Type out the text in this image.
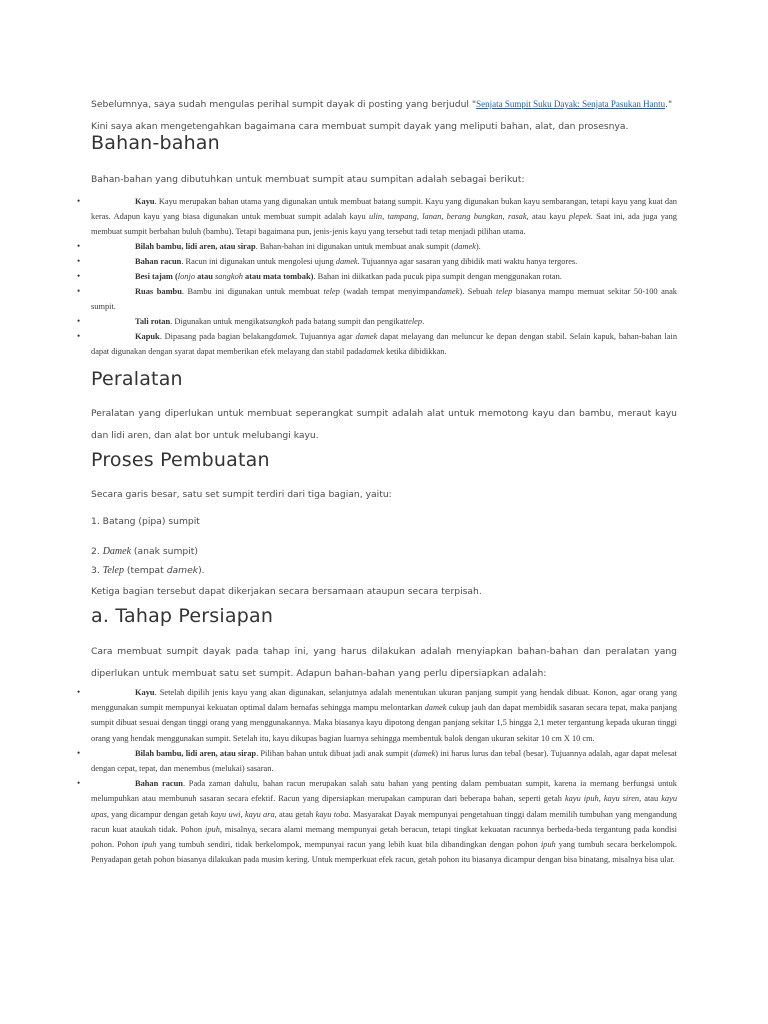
Sebelumnya, saya sudah mengulas perihal sumpit dayak di posting yang berjudul "Senjata Sumpit Suku Dayak: Senjata Pasukan Hantu." Kini saya akan mengetengahkan bagaimana cara membuat sumpit dayak yang meliputi bahan, alat, dan prosesnya.

Bahan-bahan

Bahan-bahan yang dibutuhkan untuk membuat sumpit atau sumpitan adalah sebagai berikut:

• Kayu. Kayu merupakan bahan utama yang digunakan untuk membuat batang sumpit. Kayu yang digunakan bukan kayu sembarangan, tetapi kayu yang kuat dan keras. Adapun kayu yang biasa digunakan untuk membuat sumpit adalah kayu ulin, tampang, lanan, berang bungkan, rasak, atau kayu plepek. Saat ini, ada juga yang membuat sumpit berbahan buluh (bambu). Tetapi bagaimana pun, jenis-jenis kayu yang tersebut tadi tetap menjadi pilihan utama.
• Bilah bambu, lidi aren, atau sirap. Bahan-bahan ini digunakan untuk membuat anak sumpit (damek).
• Bahan racun. Racun ini digunakan untuk mengolesi ujung damek. Tujuannya agar sasaran yang dibidik mati waktu hanya tergores.
• Besi tajam (lonjo atau sangkoh atau mata tombak). Bahan ini diikatkan pada pucuk pipa sumpit dengan menggunakan rotan.
• Ruas bambu. Bambu ini digunakan untuk membuat telep (wadah tempat menyimpandamek). Sebuah telep biasanya mampu memuat sekitar 50-100 anak sumpit.
• Tali rotan. Digunakan untuk mengikatsangkoh pada batang sumpit dan pengikattelep.
• Kapuk. Dipasang pada bagian belakangdamek. Tujuannya agar damek dapat melayang dan meluncur ke depan dengan stabil. Selain kapuk, bahan-bahan lain dapat digunakan dengan syarat dapat memberikan efek melayang dan stabil padadamek ketika dibidikkan.
Peralatan

Peralatan yang diperlukan untuk membuat seperangkat sumpit adalah alat untuk memotong kayu dan bambu, meraut kayu dan lidi aren, dan alat bor untuk melubangi kayu.

Proses Pembuatan

Secara garis besar, satu set sumpit terdiri dari tiga bagian, yaitu:

1. Batang (pipa) sumpit

2. Damek (anak sumpit)

3. Telep (tempat damek).

Ketiga bagian tersebut dapat dikerjakan secara bersamaan ataupun secara terpisah.

a. Tahap Persiapan

Cara membuat sumpit dayak pada tahap ini, yang harus dilakukan adalah menyiapkan bahan-bahan dan peralatan yang diperlukan untuk membuat satu set sumpit. Adapun bahan-bahan yang perlu dipersiapkan adalah:

• Kayu. Setelah dipilih jenis kayu yang akan digunakan, selanjutnya adalah menentukan ukuran panjang sumpit yang hendak dibuat. Konon, agar orang yang menggunakan sumpit mempunyai kekuatan optimal dalam bernafas sehingga mampu melontarkan damek cukup jauh dan dapat membidik sasaran secara tepat, maka panjang sumpit dibuat sesuai dengan tinggi orang yang menggunakannya. Maka biasanya kayu dipotong dengan panjang sekitar 1,5 hingga 2,1 meter tergantung kepada ukuran tinggi orang yang hendak menggunakan sumpit. Setelah itu, kayu dikupas bagian luarnya sehingga membentuk balok dengan ukuran sekitar 10 cm X 10 cm.
• Bilah bambu, lidi aren, atau sirap. Pilihan bahan untuk dibuat jadi anak sumpit (damek) ini harus lurus dan tebal (besar). Tujuannya adalah, agar dapat melesat dengan cepat, tepat, dan menembus (melukai) sasaran.
• Bahan racun. Pada zaman dahulu, bahan racun merupakan salah satu bahan yang penting dalam pembuatan sumpit, karena ia memang berfungsi untuk melumpuhkan atau membunuh sasaran secara efektif. Racun yang dipersiapkan merupakan campuran dari beberapa bahan, seperti getah kayu ipuh, kayu siren, atau kayu upas, yang dicampur dengan getah kayu uwi, kayu ara, atau getah kayu toba. Masyarakat Dayak mempunyai pengetahuan tinggi dalam memilih tumbuhan yang mengandung racun kuat ataukah tidak. Pohon ipuh, misalnya, secara alami memang mempunyai getah beracun, tetapi tingkat kekuatan racunnya berbeda-beda tergantung pada kondisi pohon. Pohon ipuh yang tumbuh sendiri, tidak berkelompok, mempunyai racun yang lebih kuat bila dibandingkan dengan pohon ipuh yang tumbuh secara berkelompok. Penyadapan getah pohon biasanya dilakukan pada musim kering. Untuk memperkuat efek racun, getah pohon itu biasanya dicampur dengan bisa binatang, misalnya bisa ular.
